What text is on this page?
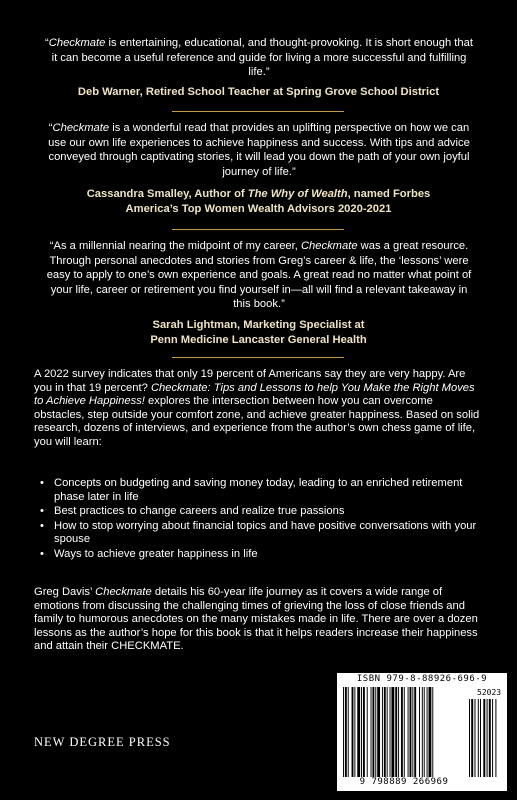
“Checkmate is entertaining, educational, and thought-provoking. It is short enough that it can become a useful reference and guide for living a more successful and fulfilling life.”
Deb Warner, Retired School Teacher at Spring Grove School District
“Checkmate is a wonderful read that provides an uplifting perspective on how we can use our own life experiences to achieve happiness and success. With tips and advice conveyed through captivating stories, it will lead you down the path of your own joyful journey of life.”
Cassandra Smalley, Author of The Why of Wealth, named Forbes
America’s Top Women Wealth Advisors 2020-2021
“As a millennial nearing the midpoint of my career, Checkmate was a great resource. Through personal anecdotes and stories from Greg’s career & life, the ‘lessons’ were easy to apply to one’s own experience and goals. A great read no matter what point of your life, career or retirement you find yourself in—all will find a relevant takeaway in this book.”
Sarah Lightman, Marketing Specialist at
Penn Medicine Lancaster General Health
A 2022 survey indicates that only 19 percent of Americans say they are very happy. Are you in that 19 percent? Checkmate: Tips and Lessons to help You Make the Right Moves to Achieve Happiness! explores the intersection between how you can overcome obstacles, step outside your comfort zone, and achieve greater happiness. Based on solid research, dozens of interviews, and experience from the author’s own chess game of life, you will learn:
• Concepts on budgeting and saving money today, leading to an enriched retirement phase later in life
• Best practices to change careers and realize true passions
• How to stop worrying about financial topics and have positive conversations with your spouse
• Ways to achieve greater happiness in life
Greg Davis’ Checkmate details his 60-year life journey as it covers a wide range of emotions from discussing the challenging times of grieving the loss of close friends and family to humorous anecdotes on the many mistakes made in life. There are over a dozen lessons as the author’s hope for this book is that it helps readers increase their happiness and attain their CHECKMATE.
NEW DEGREE PRESS
ISBN 979-8-88926-696-9
52023
9 798889 266969
